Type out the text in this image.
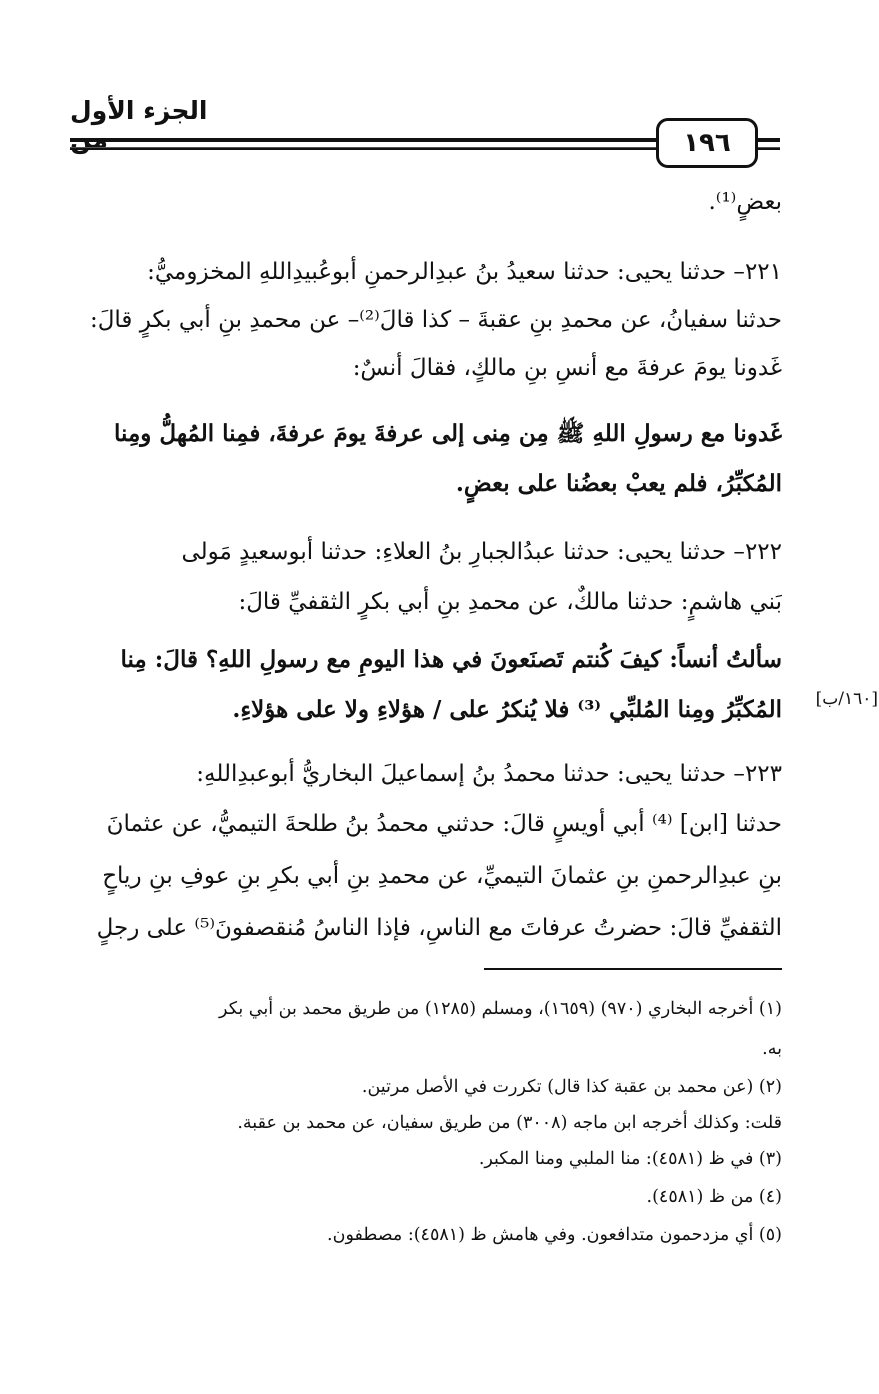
الجزء الأول من	١٩٦
بعضٍ⁽¹⁾.
٢٢١– حدثنا يحيى: حدثنا سعيدُ بنُ عبدِالرحمنِ أبوعُبيدِاللهِ المخزوميُّ:
حدثنا سفيانُ، عن محمدِ بنِ عقبةَ – كذا قالَ⁽²⁾– عن محمدِ بنِ أبي بكرٍ قالَ:
غَدونا يومَ عرفةَ مع أنسِ بنِ مالكٍ، فقالَ أنسٌ:
غَدونا مع رسولِ اللهِ ﷺ مِن مِنى إلى عرفةَ يومَ عرفةَ، فمِنا المُهلُّ ومِنا
المُكبِّرُ، فلم يعبْ بعضُنا على بعضٍ.
٢٢٢– حدثنا يحيى: حدثنا عبدُالجبارِ بنُ العلاءِ: حدثنا أبوسعيدٍ مَولى
بَني هاشمٍ: حدثنا مالكٌ، عن محمدِ بنِ أبي بكرٍ الثقفيِّ قالَ:
سألتُ أنساً: كيفَ كُنتم تَصنَعونَ في هذا اليومِ مع رسولِ اللهِ؟ قالَ: مِنا
المُكبِّرُ ومِنا المُلبِّي ⁽³⁾ فلا يُنكرُ على / هؤلاءِ ولا على هؤلاءِ.	[١٦٠/ب]
٢٢٣– حدثنا يحيى: حدثنا محمدُ بنُ إسماعيلَ البخاريُّ أبوعبدِاللهِ:
حدثنا [ابن] ⁽⁴⁾ أبي أويسٍ قالَ: حدثني محمدُ بنُ طلحةَ التيميُّ، عن عثمانَ
بنِ عبدِالرحمنِ بنِ عثمانَ التيميِّ، عن محمدِ بنِ أبي بكرِ بنِ عوفِ بنِ رياحٍ
الثقفيِّ قالَ: حضرتُ عرفاتَ مع الناسِ، فإذا الناسُ مُنقصفونَ⁽⁵⁾ على رجلٍ
(١) أخرجه البخاري (٩٧٠) (١٦٥٩)، ومسلم (١٢٨٥) من طريق محمد بن أبي بكر
به.
(٢) (عن محمد بن عقبة كذا قال) تكررت في الأصل مرتين.
قلت: وكذلك أخرجه ابن ماجه (٣٠٠٨) من طريق سفيان، عن محمد بن عقبة.
(٣) في ظ (٤٥٨١): منا الملبي ومنا المكبر.
(٤) من ظ (٤٥٨١).
(٥) أي مزدحمون متدافعون. وفي هامش ظ (٤٥٨١): مصطفون.
